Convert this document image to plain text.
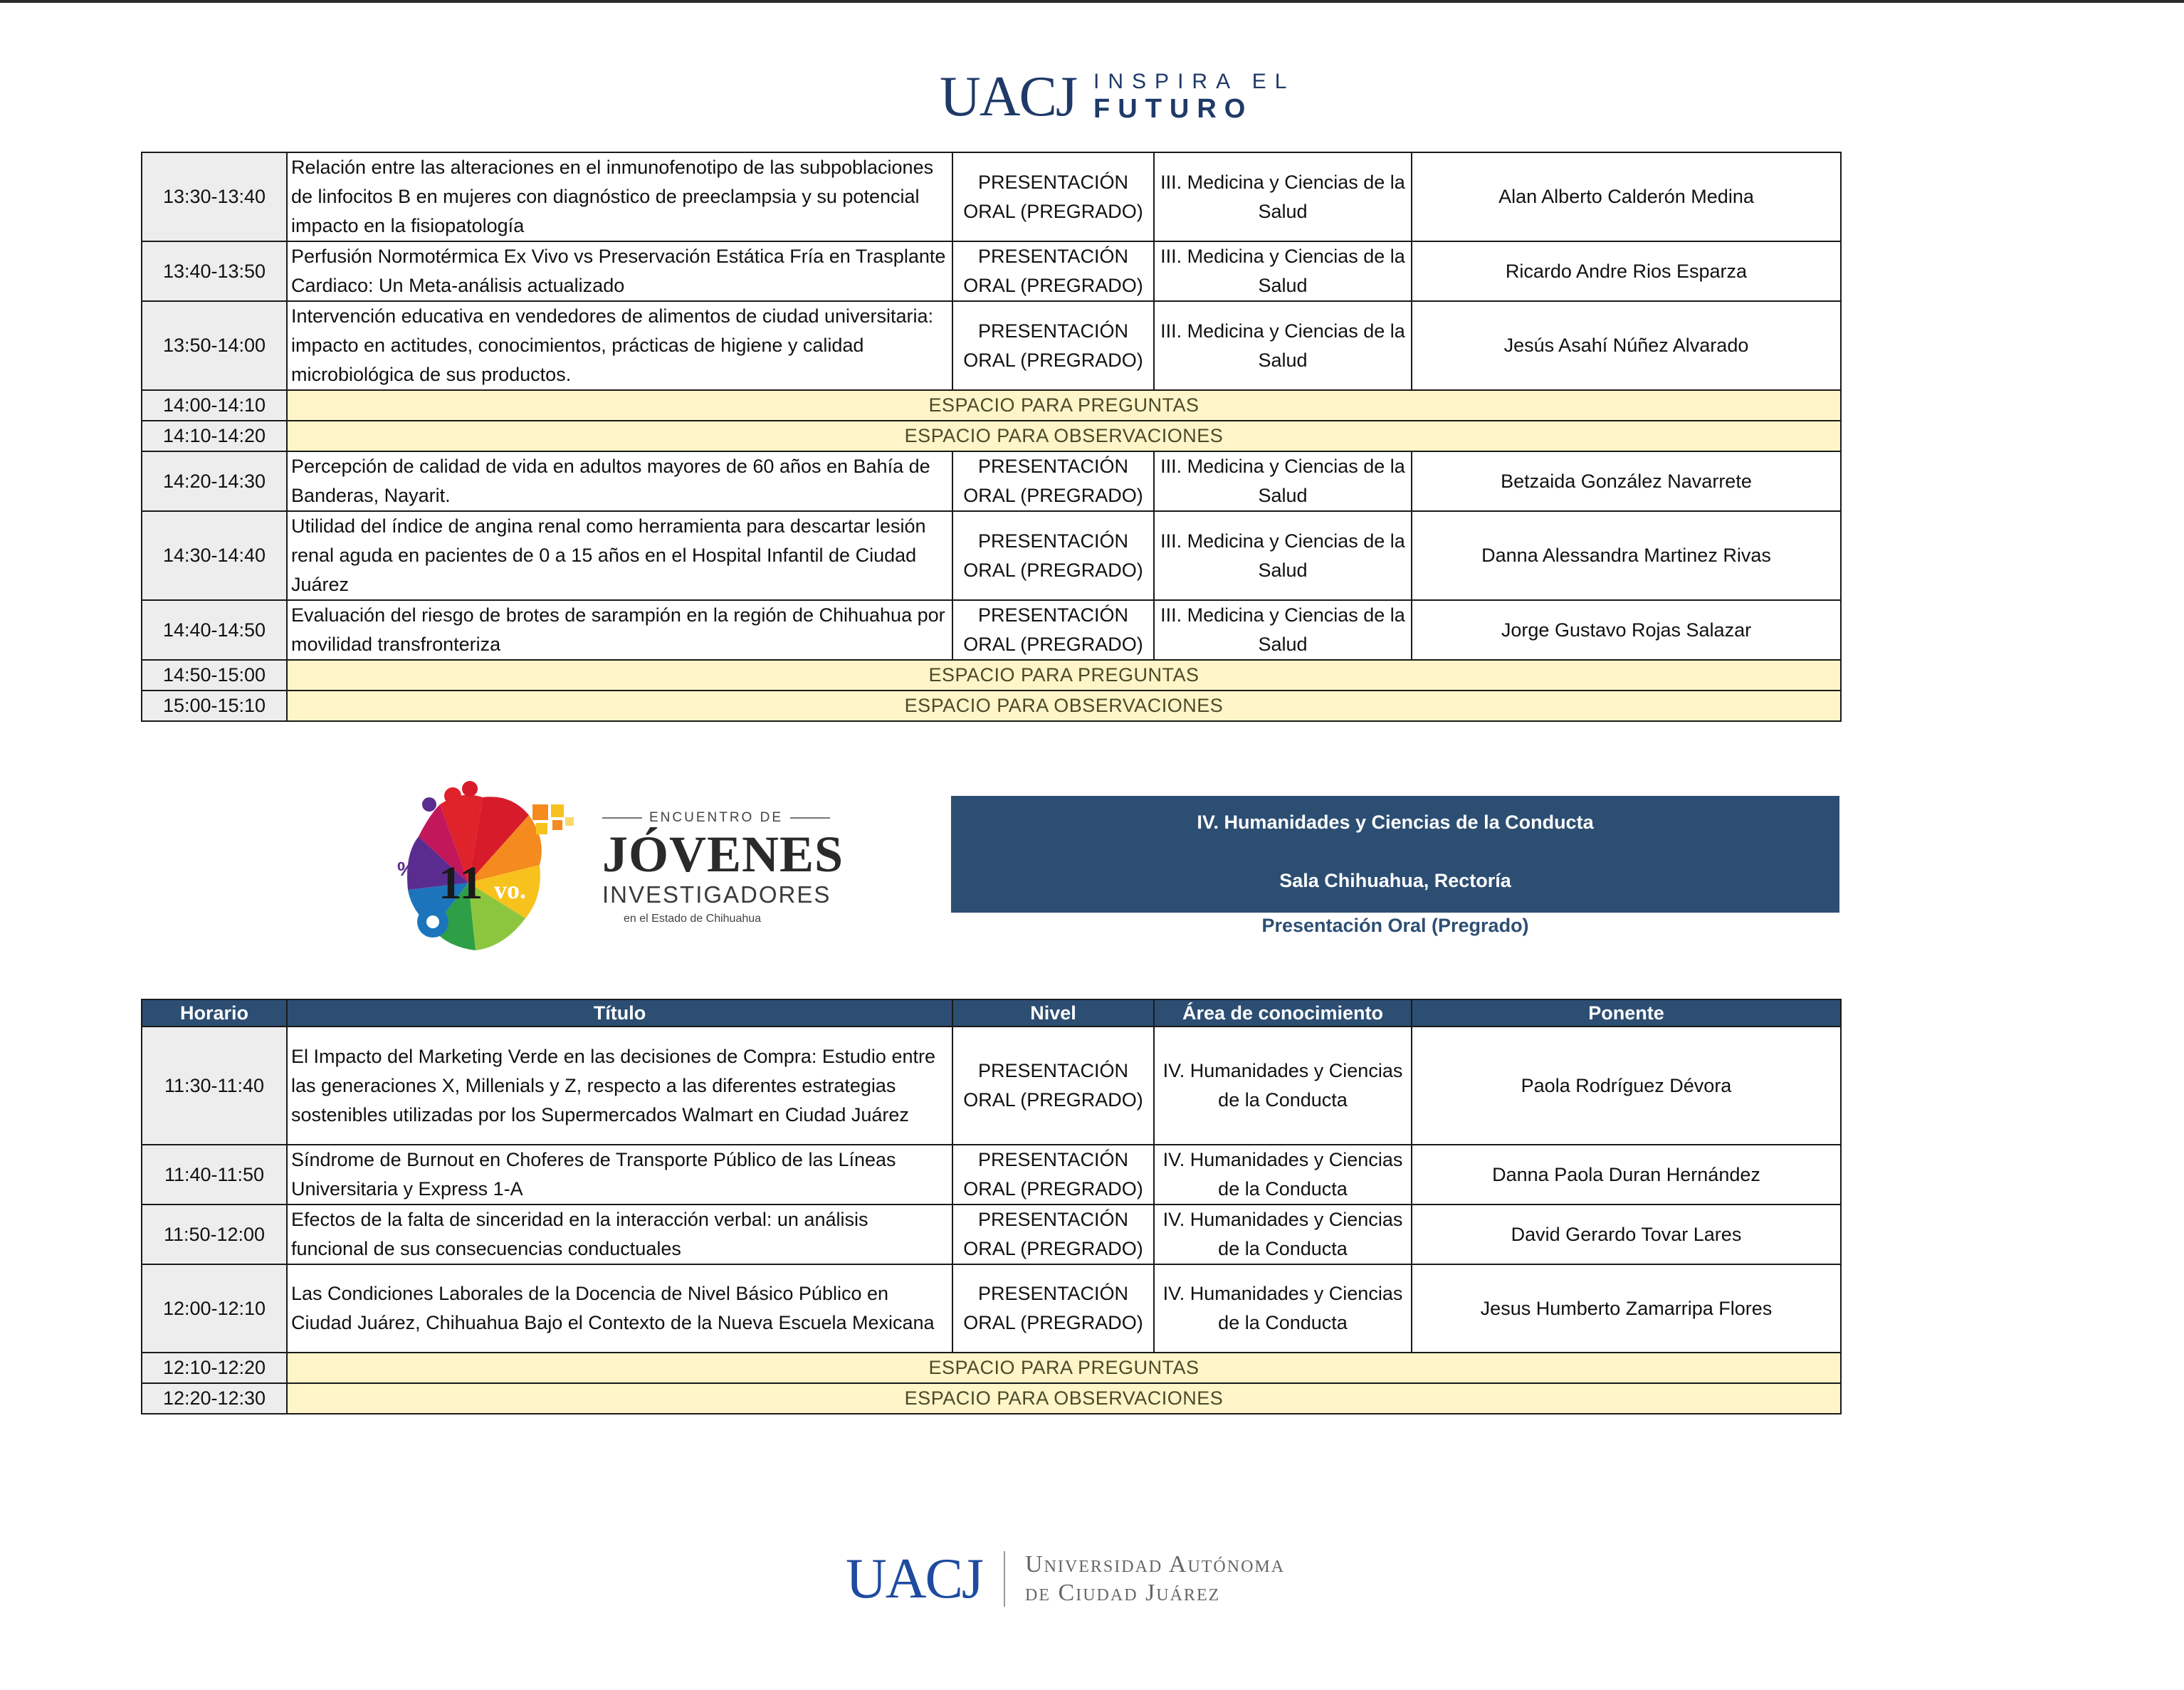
UACJ INSPIRA EL
FUTURO
13:30-13:40	Relación entre las alteraciones en el inmunofenotipo de las subpoblaciones de linfocitos B en mujeres con diagnóstico de preeclampsia y su potencial impacto en la fisiopatología	PRESENTACIÓN ORAL (PREGRADO)	III. Medicina y Ciencias de la Salud	Alan Alberto Calderón Medina
13:40-13:50	Perfusión Normotérmica Ex Vivo vs Preservación Estática Fría en Trasplante Cardiaco: Un Meta-análisis actualizado	PRESENTACIÓN ORAL (PREGRADO)	III. Medicina y Ciencias de la Salud	Ricardo Andre Rios Esparza
13:50-14:00	Intervención educativa en vendedores de alimentos de ciudad universitaria: impacto en actitudes, conocimientos, prácticas de higiene y calidad microbiológica de sus productos.	PRESENTACIÓN ORAL (PREGRADO)	III. Medicina y Ciencias de la Salud	Jesús Asahí Núñez Alvarado
14:00-14:10	ESPACIO PARA PREGUNTAS			
14:10-14:20	ESPACIO PARA OBSERVACIONES			
14:20-14:30	Percepción de calidad de vida en adultos mayores de 60 años en Bahía de Banderas, Nayarit.	PRESENTACIÓN ORAL (PREGRADO)	III. Medicina y Ciencias de la Salud	Betzaida González Navarrete
14:30-14:40	Utilidad del índice de angina renal como herramienta para descartar lesión renal aguda en pacientes de 0 a 15 años en el Hospital Infantil de Ciudad Juárez	PRESENTACIÓN ORAL (PREGRADO)	III. Medicina y Ciencias de la Salud	Danna Alessandra Martinez Rivas
14:40-14:50	Evaluación del riesgo de brotes de sarampión en la región de Chihuahua por movilidad transfronteriza	PRESENTACIÓN ORAL (PREGRADO)	III. Medicina y Ciencias de la Salud	Jorge Gustavo Rojas Salazar
14:50-15:00	ESPACIO PARA PREGUNTAS			
15:00-15:10	ESPACIO PARA OBSERVACIONES			
% 11 vo.
ENCUENTRO DE
JÓVENES
INVESTIGADORES
en el Estado de Chihuahua
IV. Humanidades y Ciencias de la Conducta
Sala Chihuahua, Rectoría
Presentación Oral (Pregrado)
Horario	Título	Nivel	Área de conocimiento	Ponente
11:30-11:40	El Impacto del Marketing Verde en las decisiones de Compra: Estudio entre las generaciones X, Millenials y Z, respecto a las diferentes estrategias sostenibles utilizadas por los Supermercados Walmart en Ciudad Juárez	PRESENTACIÓN ORAL (PREGRADO)	IV. Humanidades y Ciencias de la Conducta	Paola Rodríguez Dévora
11:40-11:50	Síndrome de Burnout en Choferes de Transporte Público de las Líneas Universitaria y Express 1-A	PRESENTACIÓN ORAL (PREGRADO)	IV. Humanidades y Ciencias de la Conducta	Danna Paola Duran Hernández
11:50-12:00	Efectos de la falta de sinceridad en la interacción verbal: un análisis funcional de sus consecuencias conductuales	PRESENTACIÓN ORAL (PREGRADO)	IV. Humanidades y Ciencias de la Conducta	David Gerardo Tovar Lares
12:00-12:10	Las Condiciones Laborales de la Docencia de Nivel Básico Público en Ciudad Juárez, Chihuahua Bajo el Contexto de la Nueva Escuela Mexicana	PRESENTACIÓN ORAL (PREGRADO)	IV. Humanidades y Ciencias de la Conducta	Jesus Humberto Zamarripa Flores
12:10-12:20	ESPACIO PARA PREGUNTAS			
12:20-12:30	ESPACIO PARA OBSERVACIONES			
UACJ Universidad Autónoma
de Ciudad Juárez
